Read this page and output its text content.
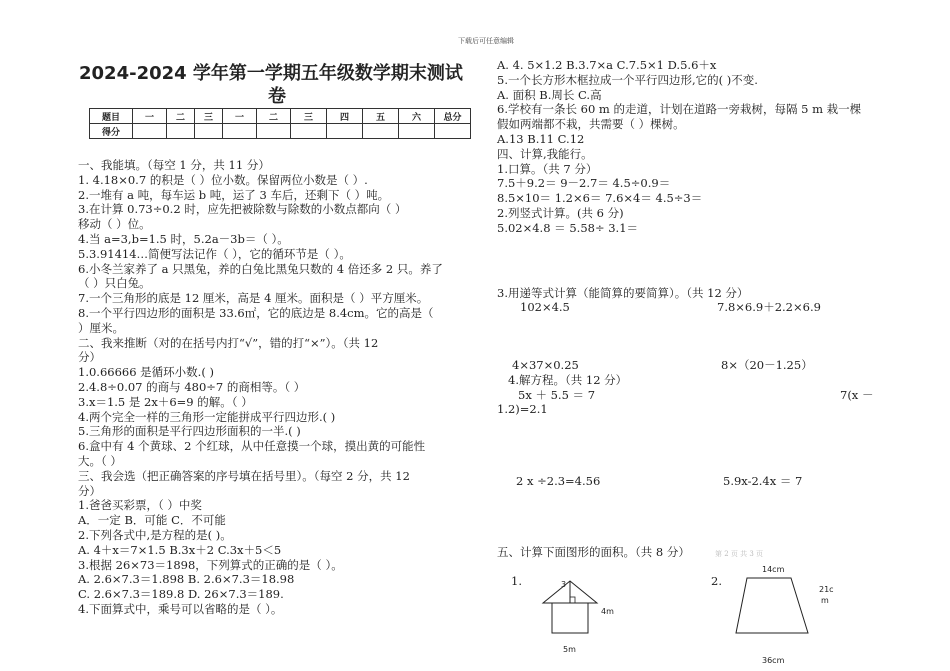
下载后可任意编辑
2024-2024 学年第一学期五年级数学期末测试
卷
题目	一	二	三	一	二	三	四	五	六	总分
得分										
一、我能填。（每空 1 分，共 11 分）
1. 4.18×0.7 的积是（ ）位小数。保留两位小数是（ ）.
2.一堆有 a 吨，每车运 b 吨，运了 3 车后，还剩下（ ）吨。
3.在计算 0.73÷0.2 时，应先把被除数与除数的小数点都向（ ）
移动（ ）位。
4.当 a=3,b=1.5 时，5.2a－3b＝（ ）。
5.3.91414…简便写法记作（ ），它的循环节是（ ）。
6.小冬兰家养了 a 只黑兔，养的白兔比黑兔只数的 4 倍还多 2 只。养了
（ ）只白兔。
7.一个三角形的底是 12 厘米，高是 4 厘米。面积是（ ）平方厘米。
8.一个平行四边形的面积是 33.6㎡，它的底边是 8.4cm。它的高是（
）厘米。
二、我来推断（对的在括号内打“√”，错的打“×”）。（共 12
分）
1.0.66666 是循环小数.( )
2.4.8÷0.07 的商与 480÷7 的商相等。（ ）
3.x＝1.5 是 2x＋6=9 的解。（ ）
4.两个完全一样的三角形一定能拼成平行四边形.( )
5.三角形的面积是平行四边形面积的一半.( )
6.盒中有 4 个黄球、2 个红球，从中任意摸一个球，摸出黄的可能性
大。（ ）
三、我会选（把正确答案的序号填在括号里）。（每空 2 分，共 12
分）
1.爸爸买彩票，（ ）中奖
A．一定 B．可能 C．不可能
2.下列各式中,是方程的是( )。
A. 4＋x＝7×1.5 B.3x＋2 C.3x＋5＜5
3.根据 26×73＝1898，下列算式的正确的是（ ）。
A. 2.6×7.3＝1.898 B. 2.6×7.3＝18.98
C. 2.6×7.3＝189.8 D. 26×7.3＝189.
4.下面算式中，乘号可以省略的是（ ）。
A. 4. 5×1.2 B.3.7×a C.7.5×1 D.5.6＋x
5.一个长方形木框拉成一个平行四边形,它的( )不变.
A. 面积 B.周长 C.高
6.学校有一条长 60 m 的走道，计划在道路一旁栽树，每隔 5 m 栽一棵
假如两端都不栽，共需要（ ）棵树。
A.13 B.11 C.12
四、计算,我能行。
1.口算。（共 7 分）
7.5＋9.2＝ 9－2.7＝ 4.5÷0.9＝
8.5×10＝ 1.2×6＝ 7.6×4＝ 4.5÷3＝
2.列竖式计算。(共 6 分)
5.02×4.8 ＝ 5.58÷ 3.1＝
3.用递等式计算（能简算的要简算）。（共 12 分）
102×4.5	7.8×6.9＋2.2×6.9
4×37×0.25	8×（20－1.25）
4.解方程。（共 12 分）
5x ＋ 5.5 ＝ 7	7(x －
1.2)=2.1
2 x ÷2.3=4.56	5.9x-2.4x ＝ 7
五、计算下面图形的面积。（共 8 分）	第 2 页 共 3 页
1.	3
4m
5m
2.
14cm
21c
m
36cm
